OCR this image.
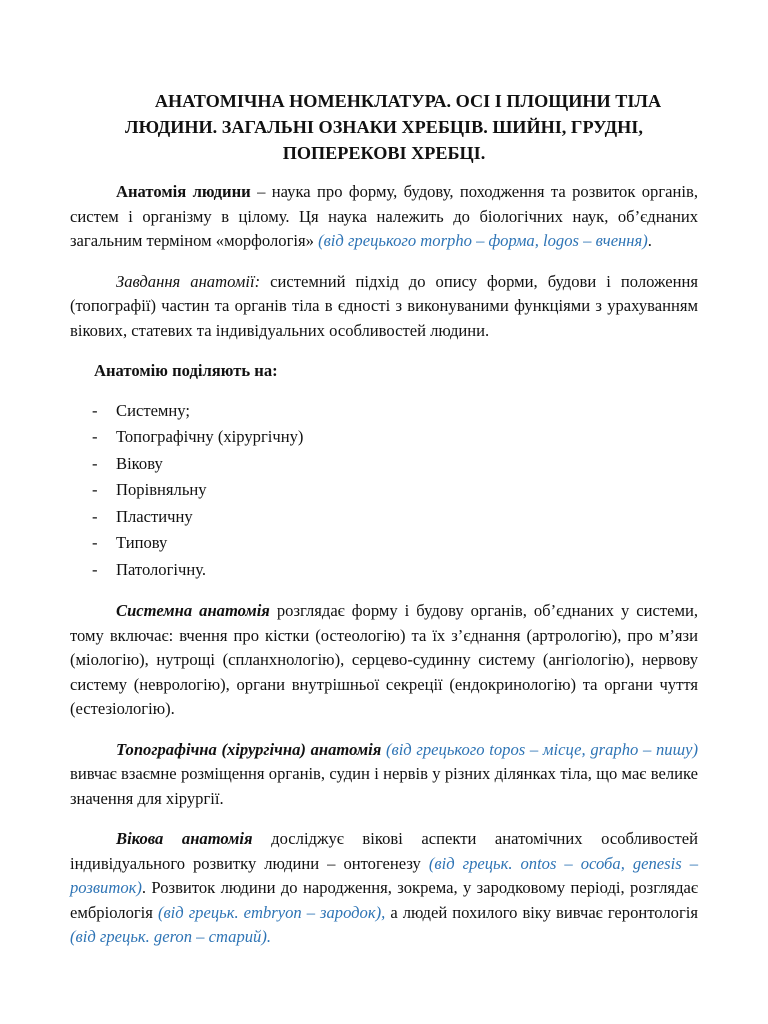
АНАТОМІЧНА НОМЕНКЛАТУРА. ОСІ І ПЛОЩИНИ ТІЛА
ЛЮДИНИ. ЗАГАЛЬНІ ОЗНАКИ ХРЕБЦІВ. ШИЙНІ, ГРУДНІ,
ПОПЕРЕКОВІ ХРЕБЦІ.

Анатомія людини – наука про форму, будову, походження та розвиток органів, систем і організму в цілому. Ця наука належить до біологічних наук, об’єднаних загальним терміном «морфологія» (від грецького morpho – форма, logos – вчення).

Завдання анатомії: системний підхід до опису форми, будови і положення (топографії) частин та органів тіла в єдності з виконуваними функціями з урахуванням вікових, статевих та індивідуальних особливостей людини.

Анатомію поділяють на:
-	Системну;
-	Топографічну (хірургічну)
-	Вікову
-	Порівняльну
-	Пластичну
-	Типову
-	Патологічну.

Системна анатомія розглядає форму і будову органів, об’єднаних у системи, тому включає: вчення про кістки (остеологію) та їх з’єднання (артрологію), про м’язи (міологію), нутрощі (спланхнологію), серцево-судинну систему (ангіологію), нервову систему (неврологію), органи внутрішньої секреції (ендокринологію) та органи чуття (естезіологію).

Топографічна (хірургічна) анатомія (від грецького topos – місце, grapho – пишу) вивчає взаємне розміщення органів, судин і нервів у різних ділянках тіла, що має велике значення для хірургії.

Вікова анатомія досліджує вікові аспекти анатомічних особливостей індивідуального розвитку людини – онтогенезу (від грецьк. ontos – особа, genesis – розвиток). Розвиток людини до народження, зокрема, у зародковому періоді, розглядає ембріологія (від грецьк. embryon – зародок), а людей похилого віку вивчає геронтологія (від грецьк. geron – старий).
